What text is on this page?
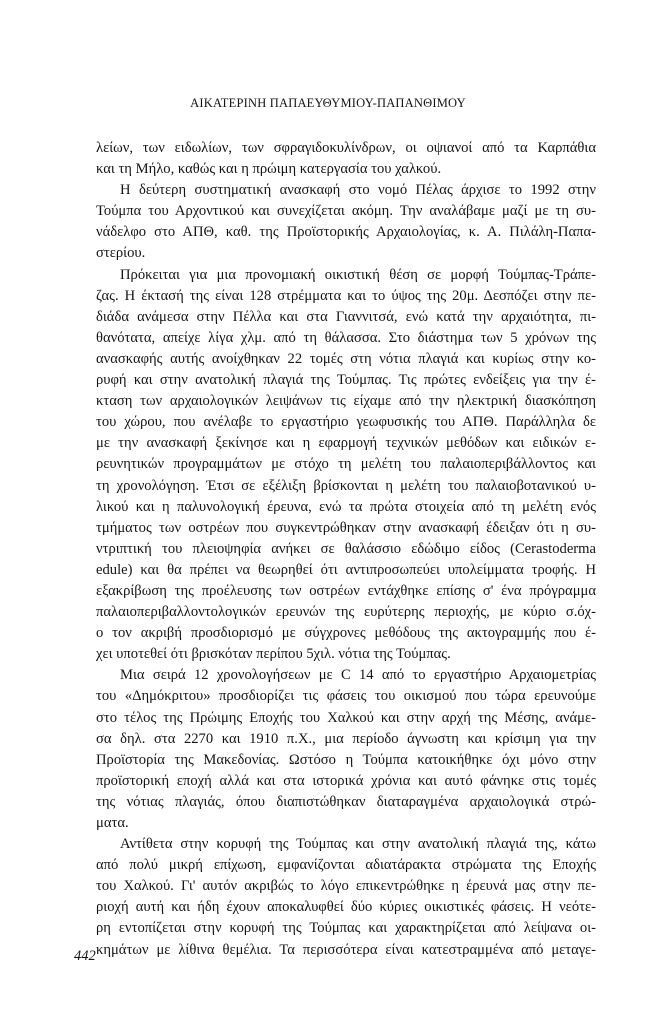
ΑΙΚΑΤΕΡΙΝΗ ΠΑΠΑΕΥΘΥΜΙΟΥ-ΠΑΠΑΝΘΙΜΟΥ
λείων, των ειδωλίων, των σφραγιδοκυλίνδρων, οι οψιανοί από τα Καρπάθια
και τη Μήλο, καθώς και η πρώιμη κατεργασία του χαλκού.
Η δεύτερη συστηματική ανασκαφή στο νομό Πέλας άρχισε το 1992 στην
Τούμπα του Αρχοντικού και συνεχίζεται ακόμη. Την αναλάβαμε μαζί με τη συ-
νάδελφο στο ΑΠΘ, καθ. της Προϊστορικής Αρχαιολογίας, κ. Α. Πιλάλη-Παπα-
στερίου.
Πρόκειται για μια προνομιακή οικιστική θέση σε μορφή Τούμπας-Τράπε-
ζας. Η έκτασή της είναι 128 στρέμματα και το ύψος της 20μ. Δεσπόζει στην πε-
διάδα ανάμεσα στην Πέλλα και στα Γιαννιτσά, ενώ κατά την αρχαιότητα, πι-
θανότατα, απείχε λίγα χλμ. από τη θάλασσα. Στο διάστημα των 5 χρόνων της
ανασκαφής αυτής ανοίχθηκαν 22 τομές στη νότια πλαγιά και κυρίως στην κο-
ρυφή και στην ανατολική πλαγιά της Τούμπας. Τις πρώτες ενδείξεις για την έ-
κταση των αρχαιολογικών λειψάνων τις είχαμε από την ηλεκτρική διασκόπηση
του χώρου, που ανέλαβε το εργαστήριο γεωφυσικής του ΑΠΘ. Παράλληλα δε
με την ανασκαφή ξεκίνησε και η εφαρμογή τεχνικών μεθόδων και ειδικών ε-
ρευνητικών προγραμμάτων με στόχο τη μελέτη του παλαιοπεριβάλλοντος και
τη χρονολόγηση. Έτσι σε εξέλιξη βρίσκονται η μελέτη του παλαιοβοτανικού υ-
λικού και η παλυνολογική έρευνα, ενώ τα πρώτα στοιχεία από τη μελέτη ενός
τμήματος των οστρέων που συγκεντρώθηκαν στην ανασκαφή έδειξαν ότι η συ-
ντριπτική του πλειοψηφία ανήκει σε θαλάσσιο εδώδιμο είδος (Cerastoderma
edule) και θα πρέπει να θεωρηθεί ότι αντιπροσωπεύει υπολείμματα τροφής. Η
εξακρίβωση της προέλευσης των οστρέων εντάχθηκε επίσης σ' ένα πρόγραμμα
παλαιοπεριβαλλοντολογικών ερευνών της ευρύτερης περιοχής, με κύριο σ.όχ-
ο τον ακριβή προσδιορισμό με σύγχρονες μεθόδους της ακτογραμμής που έ-
χει υποτεθεί ότι βρισκόταν περίπου 5χιλ. νότια της Τούμπας.
Μια σειρά 12 χρονολογήσεων με C 14 από το εργαστήριο Αρχαιομετρίας
του «Δημόκριτου» προσδιορίζει τις φάσεις του οικισμού που τώρα ερευνούμε
στο τέλος της Πρώιμης Εποχής του Χαλκού και στην αρχή της Μέσης, ανάμε-
σα δηλ. στα 2270 και 1910 π.Χ., μια περίοδο άγνωστη και κρίσιμη για την
Προϊστορία της Μακεδονίας. Ωστόσο η Τούμπα κατοικήθηκε όχι μόνο στην
προϊστορική εποχή αλλά και στα ιστορικά χρόνια και αυτό φάνηκε στις τομές
της νότιας πλαγιάς, όπου διαπιστώθηκαν διαταραγμένα αρχαιολογικά στρώ-
ματα.
Αντίθετα στην κορυφή της Τούμπας και στην ανατολική πλαγιά της, κάτω
από πολύ μικρή επίχωση, εμφανίζονται αδιατάρακτα στρώματα της Εποχής
του Χαλκού. Γι' αυτόν ακριβώς το λόγο επικεντρώθηκε η έρευνά μας στην πε-
ριοχή αυτή και ήδη έχουν αποκαλυφθεί δύο κύριες οικιστικές φάσεις. Η νεότε-
ρη εντοπίζεται στην κορυφή της Τούμπας και χαρακτηρίζεται από λείψανα οι-
κημάτων με λίθινα θεμέλια. Τα περισσότερα είναι κατεστραμμένα από μεταγε-
442
